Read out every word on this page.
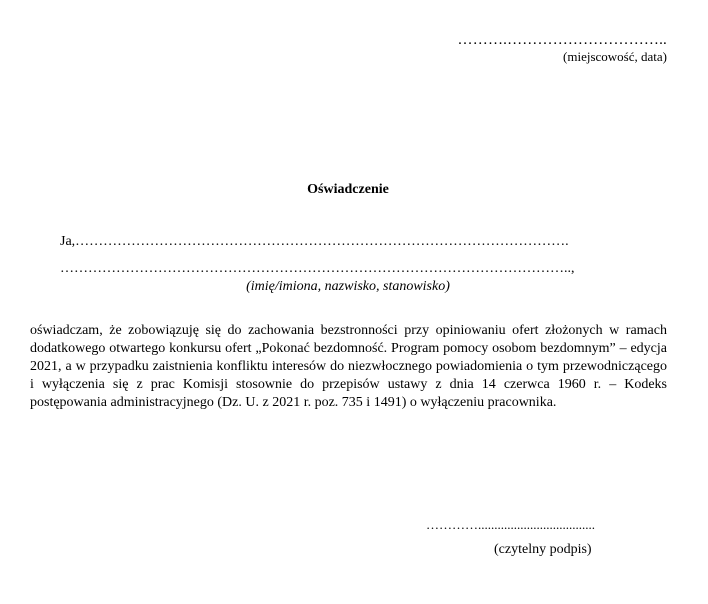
……….…………………………..
(miejscowość, data)
Oświadczenie
Ja,…………………………………………………………………………………………….
………………………………………………………………………………………………..,
(imię/imiona, nazwisko, stanowisko)
oświadczam, że zobowiązuję się do zachowania bezstronności przy opiniowaniu ofert złożonych w ramach dodatkowego otwartego konkursu ofert „Pokonać bezdomność. Program pomocy osobom bezdomnym” – edycja 2021, a w przypadku zaistnienia konfliktu interesów do niezwłocznego powiadomienia o tym przewodniczącego i wyłączenia się z prac Komisji stosownie do przepisów ustawy z dnia 14 czerwca 1960 r. – Kodeks postępowania administracyjnego (Dz. U. z 2021 r. poz. 735 i 1491) o wyłączeniu pracownika.
…………....................................
(czytelny podpis)
